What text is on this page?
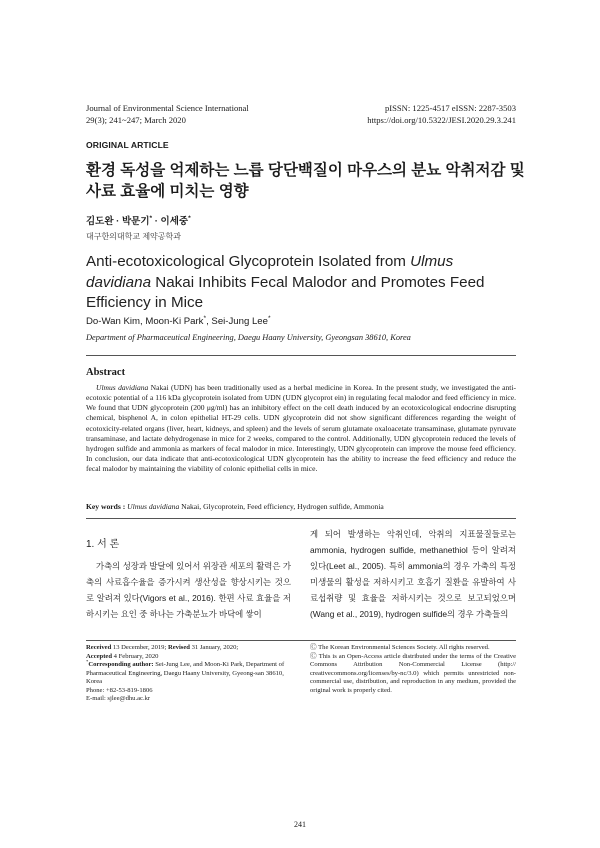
Journal of Environmental Science International
29(3); 241~247; March 2020
pISSN: 1225-4517 eISSN: 2287-3503
https://doi.org/10.5322/JESI.2020.29.3.241
ORIGINAL ARTICLE
환경 독성을 억제하는 느릅 당단백질이 마우스의 분뇨 악취저감 및 사료 효율에 미치는 영향
김도완 · 박문기* · 이세중*
대구한의대학교 제약공학과
Anti-ecotoxicological Glycoprotein Isolated from Ulmus davidiana Nakai Inhibits Fecal Malodor and Promotes Feed Efficiency in Mice
Do-Wan Kim, Moon-Ki Park*, Sei-Jung Lee*
Department of Pharmaceutical Engineering, Daegu Haany University, Gyeongsan 38610, Korea
Abstract
Ulmus davidiana Nakai (UDN) has been traditionally used as a herbal medicine in Korea. In the present study, we investigated the anti-ecotoxic potential of a 116 kDa glycoprotein isolated from UDN (UDN glycoprot ein) in regulating fecal malodor and feed efficiency in mice. We found that UDN glycoprotein (200 μg/ml) has an inhibitory effect on the cell death induced by an ecotoxicological endocrine disrupting chemical, bisphenol A, in colon epithelial HT-29 cells. UDN glycoprotein did not show significant differences regarding the weight of ecotoxicity-related organs (liver, heart, kidneys, and spleen) and the levels of serum glutamate oxaloacetate transaminase, glutamate pyruvate transaminase, and lactate dehydrogenase in mice for 2 weeks, compared to the control. Additionally, UDN glycoprotein reduced the levels of hydrogen sulfide and ammonia as markers of fecal malodor in mice. Interestingly, UDN glycoprotein can improve the mouse feed efficiency. In conclusion, our data indicate that anti-ecotoxicological UDN glycoprotein has the ability to increase the feed efficiency and reduce the fecal malodor by maintaining the viability of colonic epithelial cells in mice.
Key words : Ulmus davidiana Nakai, Glycoprotein, Feed efficiency, Hydrogen sulfide, Ammonia
1. 서 론
가축의 성장과 발달에 있어서 위장관 세포의 활력은 가축의 사료흡수율을 증가시켜 생산성을 향상시키는 것으로 알려져 있다(Vigors et al., 2016). 한편 사료 효율을 저하시키는 요인 중 하나는 가축분뇨가 바닥에 쌓이
게 되어 발생하는 악취인데, 악취의 지표물질들로는 ammonia, hydrogen sulfide, methanethiol 등이 알려져 있다(Leet al., 2005). 특히 ammonia의 경우 가축의 특정 미생물의 활성을 저하시키고 호흡기 질환을 유발하여 사료섭취량 및 효율을 저하시키는 것으로 보고되었으며 (Wang et al., 2019), hydrogen sulfide의 경우 가축들의
Received 13 December, 2019; Revised 31 January, 2020;
Accepted 4 February, 2020
*Corresponding author: Sei-Jung Lee, and Moon-Ki Park, Department of Pharmaceutical Engineering, Daegu Haany University, Gyeong-san 38610, Korea
Phone: +82-53-819-1806
E-mail: sjlee@dhu.ac.kr
Ⓒ The Korean Environmental Sciences Society. All rights reserved.
Ⓒ This is an Open-Access article distributed under the terms of the Creative Commons Attribution Non-Commercial License (http:// creativecommons.org/licenses/by-nc/3.0) which permits unrestricted non-commercial use, distribution, and reproduction in any medium, provided the original work is properly cited.
241
